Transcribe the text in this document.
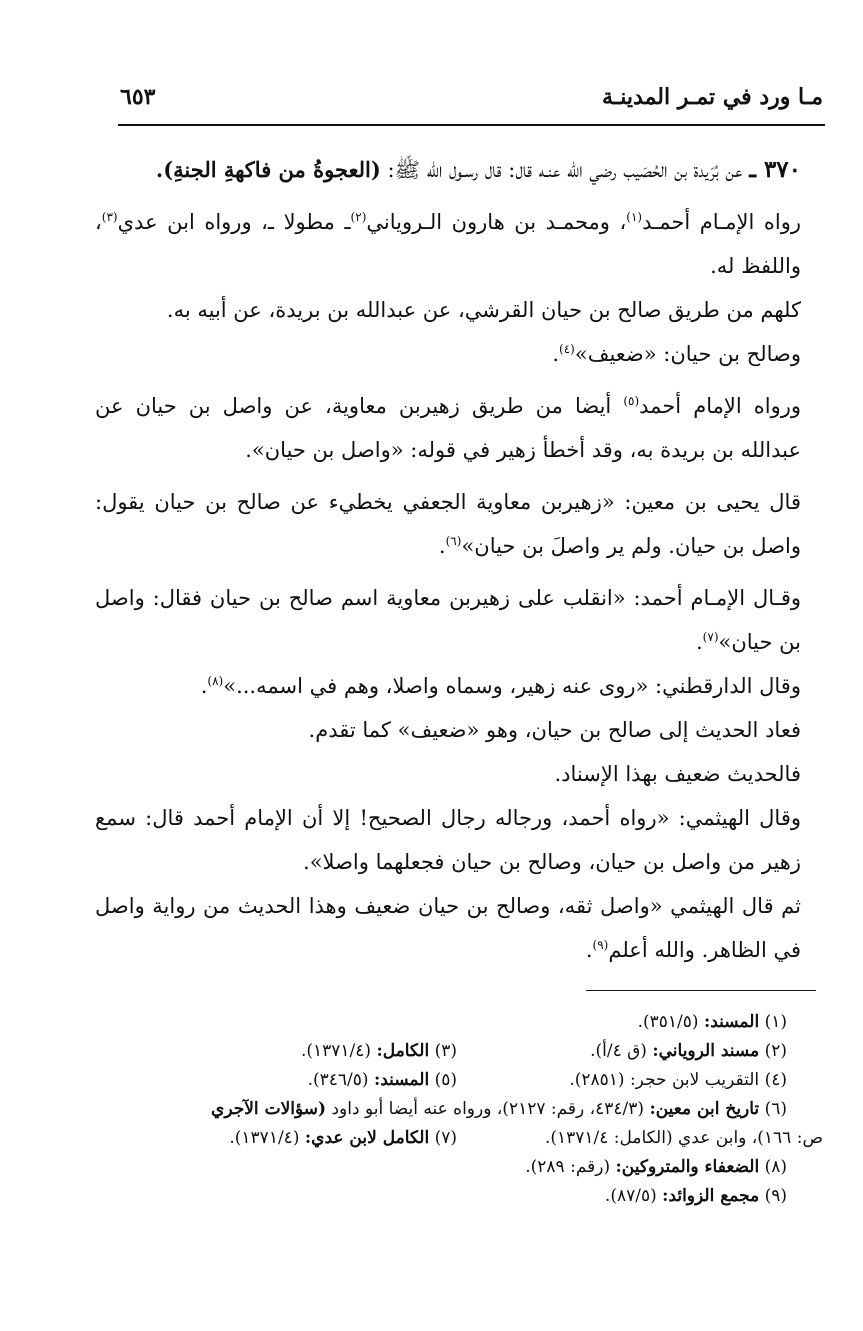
مـا ورد في تمـر المدينـة
٦٥٣

٣٧٠ ـ عن بُرَيدة بن الحُصَيب رضي الله عنـه قال: قال رسـول الله ﷺ: (العجوةُ من فاكهةِ الجنةِ).

رواه الإمـام أحمـد$^{(١)}$، ومحمـد بن هارون الـروياني$^{(٢)}$ـ مطولا ـ، ورواه ابن عدي$^{(٣)}$، واللفظ له.

كلهم من طريق صالح بن حيان القرشي، عن عبدالله بن بريدة، عن أبيه به.

وصالح بن حيان: «ضعيف»$^{(٤)}$.

ورواه الإمام أحمد$^{(٥)}$ أيضا من طريق زهيربن معاوية، عن واصل بن حيان عن عبدالله بن بريدة به، وقد أخطأ زهير في قوله: «واصل بن حيان».

قال يحيى بن معين: «زهيربن معاوية الجعفي يخطيء عن صالح بن حيان يقول: واصل بن حيان. ولم ير واصلَ بن حيان»$^{(٦)}$.

وقـال الإمـام أحمد: «انقلب على زهيربن معاوية اسم صالح بن حيان فقال: واصل بن حيان»$^{(٧)}$.

وقال الدارقطني: «روى عنه زهير، وسماه واصلا، وهم في اسمه...»$^{(٨)}$.

فعاد الحديث إلى صالح بن حيان، وهو «ضعيف» كما تقدم.

فالحديث ضعيف بهذا الإسناد.

وقال الهيثمي: «رواه أحمد، ورجاله رجال الصحيح! إلا أن الإمام أحمد قال: سمع زهير من واصل بن حيان، وصالح بن حيان فجعلهما واصلا».

ثم قال الهيثمي «واصل ثقه، وصالح بن حيان ضعيف وهذا الحديث من رواية واصل في الظاهر. والله أعلم$^{(٩)}$.

(١) المسند: (٣٥١/٥).
(٢) مسند الروياني: (ق ٤/أ).
(٣) الكامل: (١٣٧١/٤).
(٤) التقريب لابن حجر: (٢٨٥١).
(٥) المسند: (٣٤٦/٥).
(٦) تاريخ ابن معين: (٤٣٤/٣، رقم: ٢١٢٧)، ورواه عنه أيضا أبو داود (سؤالات الآجري
ص: ١٦٦)، وابن عدي (الكامل: ١٣٧١/٤).
(٧) الكامل لابن عدي: (١٣٧١/٤).
(٨) الضعفاء والمتروكين: (رقم: ٢٨٩).
(٩) مجمع الزوائد: (٨٧/٥).
